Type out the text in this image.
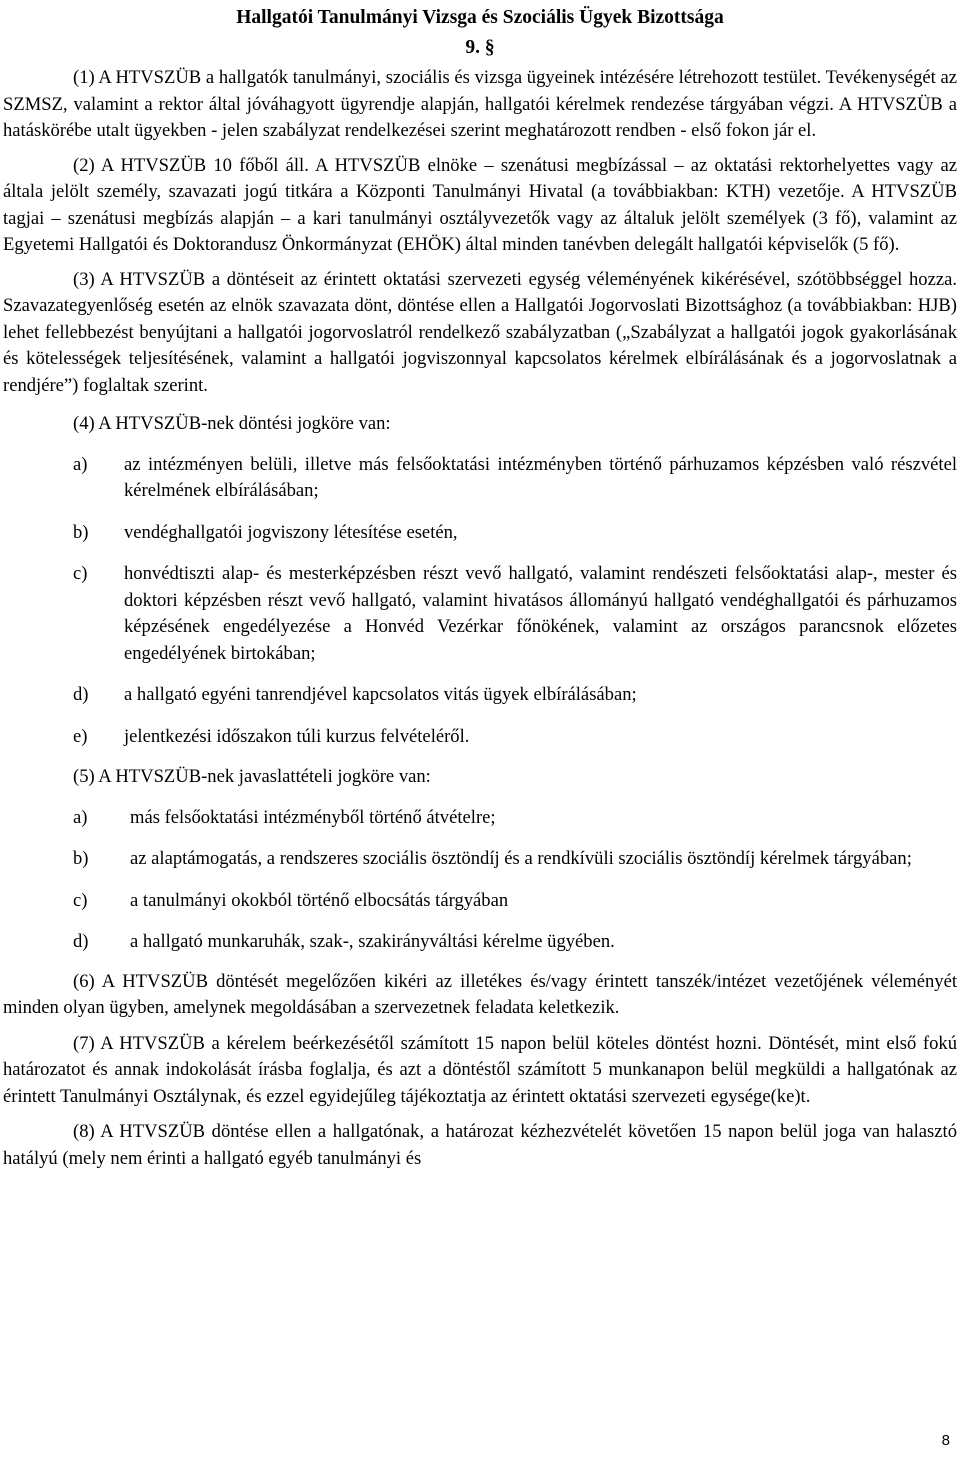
Hallgatói Tanulmányi Vizsga és Szociális Ügyek Bizottsága
9. §

(1) A HTVSZÜB a hallgatók tanulmányi, szociális és vizsga ügyeinek intézésére létrehozott testület. Tevékenységét az SZMSZ, valamint a rektor által jóváhagyott ügyrendje alapján, hallgatói kérelmek rendezése tárgyában végzi. A HTVSZÜB a hatáskörébe utalt ügyekben - jelen szabályzat rendelkezései szerint meghatározott rendben - első fokon jár el.

(2) A HTVSZÜB 10 főből áll. A HTVSZÜB elnöke – szenátusi megbízással – az oktatási rektorhelyettes vagy az általa jelölt személy, szavazati jogú titkára a Központi Tanulmányi Hivatal (a továbbiakban: KTH) vezetője. A HTVSZÜB tagjai – szenátusi megbízás alapján – a kari tanulmányi osztályvezetők vagy az általuk jelölt személyek (3 fő), valamint az Egyetemi Hallgatói és Doktorandusz Önkormányzat (EHÖK) által minden tanévben delegált hallgatói képviselők (5 fő).

(3) A HTVSZÜB a döntéseit az érintett oktatási szervezeti egység véleményének kikérésével, szótöbbséggel hozza. Szavazategyenlőség esetén az elnök szavazata dönt, döntése ellen a Hallgatói Jogorvoslati Bizottsághoz (a továbbiakban: HJB) lehet fellebbezést benyújtani a hallgatói jogorvoslatról rendelkező szabályzatban („Szabályzat a hallgatói jogok gyakorlásának és kötelességek teljesítésének, valamint a hallgatói jogviszonnyal kapcsolatos kérelmek elbírálásának és a jogorvoslatnak a rendjére”) foglaltak szerint.

(4) A HTVSZÜB-nek döntési jogköre van:

a)	az intézményen belüli, illetve más felsőoktatási intézményben történő párhuzamos képzésben való részvétel kérelmének elbírálásában;
b)	vendéghallgatói jogviszony létesítése esetén,
c)	honvédtiszti alap- és mesterképzésben részt vevő hallgató, valamint rendészeti felsőoktatási alap-, mester és doktori képzésben részt vevő hallgató, valamint hivatásos állományú hallgató vendéghallgatói és párhuzamos képzésének engedélyezése a Honvéd Vezérkar főnökének, valamint az országos parancsnok előzetes engedélyének birtokában;
d)	a hallgató egyéni tanrendjével kapcsolatos vitás ügyek elbírálásában;
e)	jelentkezési időszakon túli kurzus felvételéről.

(5) A HTVSZÜB-nek javaslattételi jogköre van:

a)	más felsőoktatási intézményből történő átvételre;
b)	az alaptámogatás, a rendszeres szociális ösztöndíj és a rendkívüli szociális ösztöndíj kérelmek tárgyában;
c)	a tanulmányi okokból történő elbocsátás tárgyában
d)	a hallgató munkaruhák, szak-, szakirányváltási kérelme ügyében.

(6) A HTVSZÜB döntését megelőzően kikéri az illetékes és/vagy érintett tanszék/intézet vezetőjének véleményét minden olyan ügyben, amelynek megoldásában a szervezetnek feladata keletkezik.

(7) A HTVSZÜB a kérelem beérkezésétől számított 15 napon belül köteles döntést hozni. Döntését, mint első fokú határozatot és annak indokolását írásba foglalja, és azt a döntéstől számított 5 munkanapon belül megküldi a hallgatónak az érintett Tanulmányi Osztálynak, és ezzel egyidejűleg tájékoztatja az érintett oktatási szervezeti egysége(ke)t.

(8) A HTVSZÜB döntése ellen a hallgatónak, a határozat kézhezvételét követően 15 napon belül joga van halasztó hatályú (mely nem érinti a hallgató egyéb tanulmányi és

8
